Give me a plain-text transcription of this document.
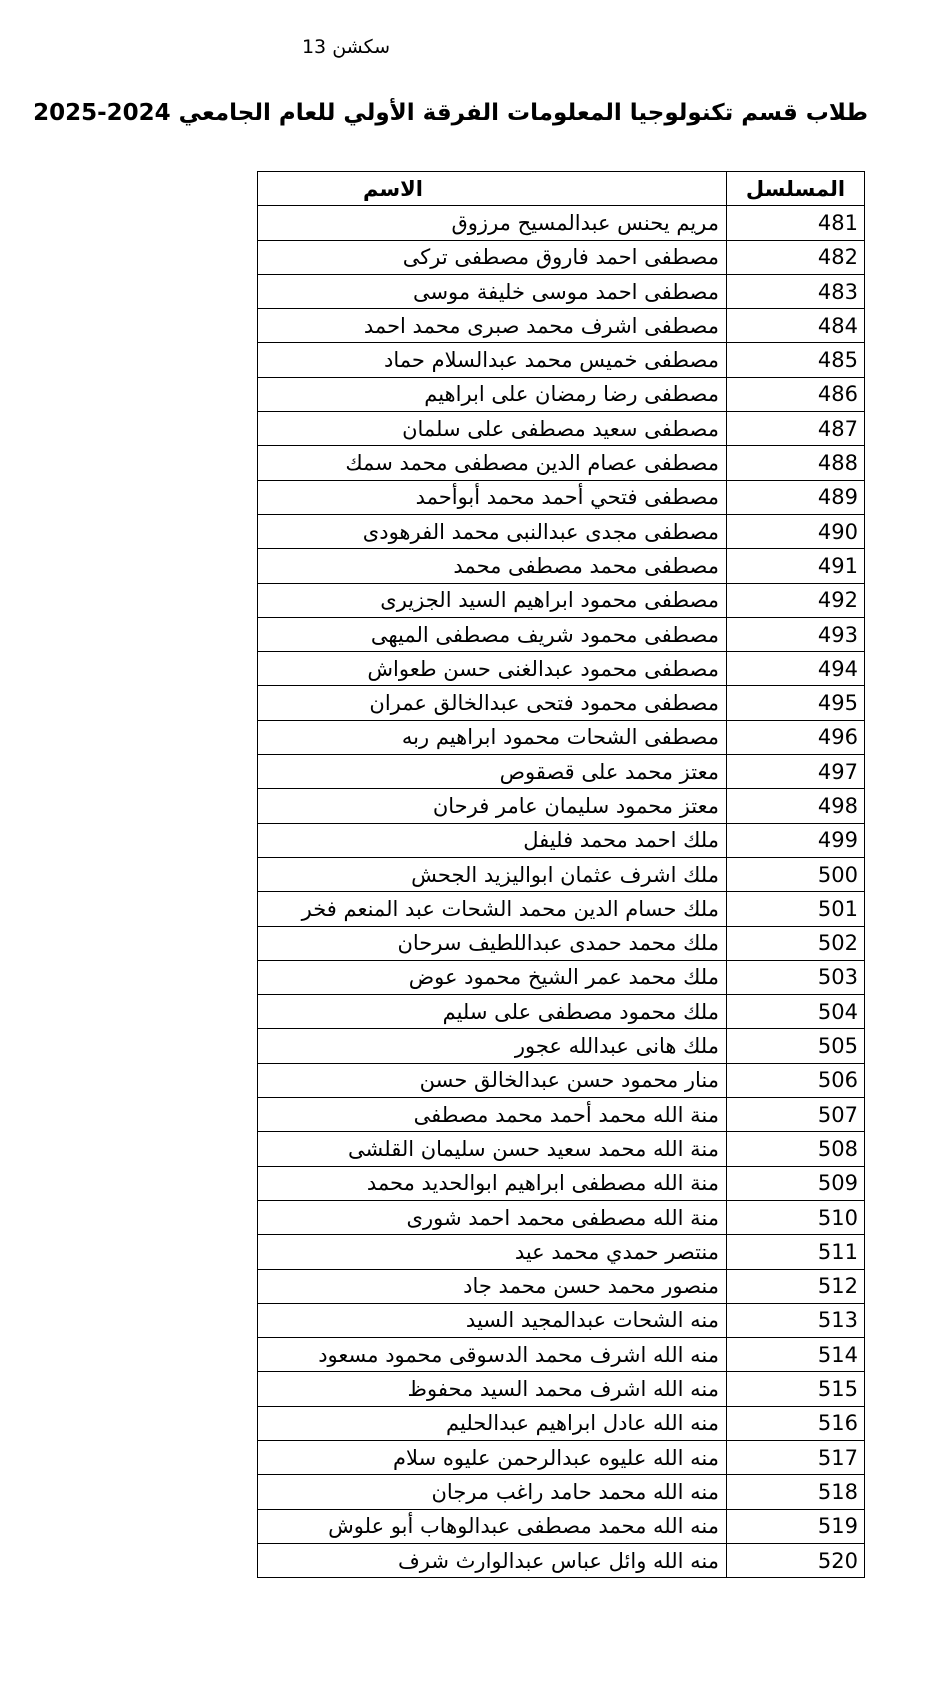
سكشن 13

طلاب قسم تكنولوجيا المعلومات الفرقة الأولي للعام الجامعي 2024-2025
المسلسل	الاسم
481	مريم يحنس عبدالمسيح مرزوق
482	مصطفى احمد فاروق مصطفى تركى
483	مصطفى احمد موسى خليفة موسى
484	مصطفى اشرف محمد صبرى محمد احمد
485	مصطفى خميس محمد عبدالسلام حماد
486	مصطفى رضا رمضان على ابراهيم
487	مصطفى سعيد مصطفى على سلمان
488	مصطفى عصام الدين مصطفى محمد سمك
489	مصطفى فتحي أحمد محمد أبوأحمد
490	مصطفى مجدى عبدالنبى محمد الفرهودى
491	مصطفى محمد مصطفى محمد
492	مصطفى محمود ابراهيم السيد الجزيرى
493	مصطفى محمود شريف مصطفى الميهى
494	مصطفى محمود عبدالغنى حسن طعواش
495	مصطفى محمود فتحى عبدالخالق عمران
496	مصطفى الشحات محمود ابراهيم ربه
497	معتز محمد على قصقوص
498	معتز محمود سليمان عامر فرحان
499	ملك احمد محمد فليفل
500	ملك اشرف عثمان ابواليزيد الجحش
501	ملك حسام الدين محمد الشحات عبد المنعم فخر
502	ملك محمد حمدى عبداللطيف سرحان
503	ملك محمد عمر الشيخ محمود عوض
504	ملك محمود مصطفى على سليم
505	ملك هانى عبدالله عجور
506	منار محمود حسن عبدالخالق حسن
507	منة الله محمد أحمد محمد مصطفى
508	منة الله محمد سعيد حسن سليمان القلشى
509	منة الله مصطفى ابراهيم ابوالحديد محمد
510	منة الله مصطفى محمد احمد شورى
511	منتصر حمدي محمد عيد
512	منصور محمد حسن محمد جاد
513	منه الشحات عبدالمجيد السيد
514	منه الله اشرف محمد الدسوقى محمود مسعود
515	منه الله اشرف محمد السيد محفوظ
516	منه الله عادل ابراهيم عبدالحليم
517	منه الله عليوه عبدالرحمن عليوه سلام
518	منه الله محمد حامد راغب مرجان
519	منه الله محمد مصطفى عبدالوهاب أبو علوش
520	منه الله وائل عباس عبدالوارث شرف
